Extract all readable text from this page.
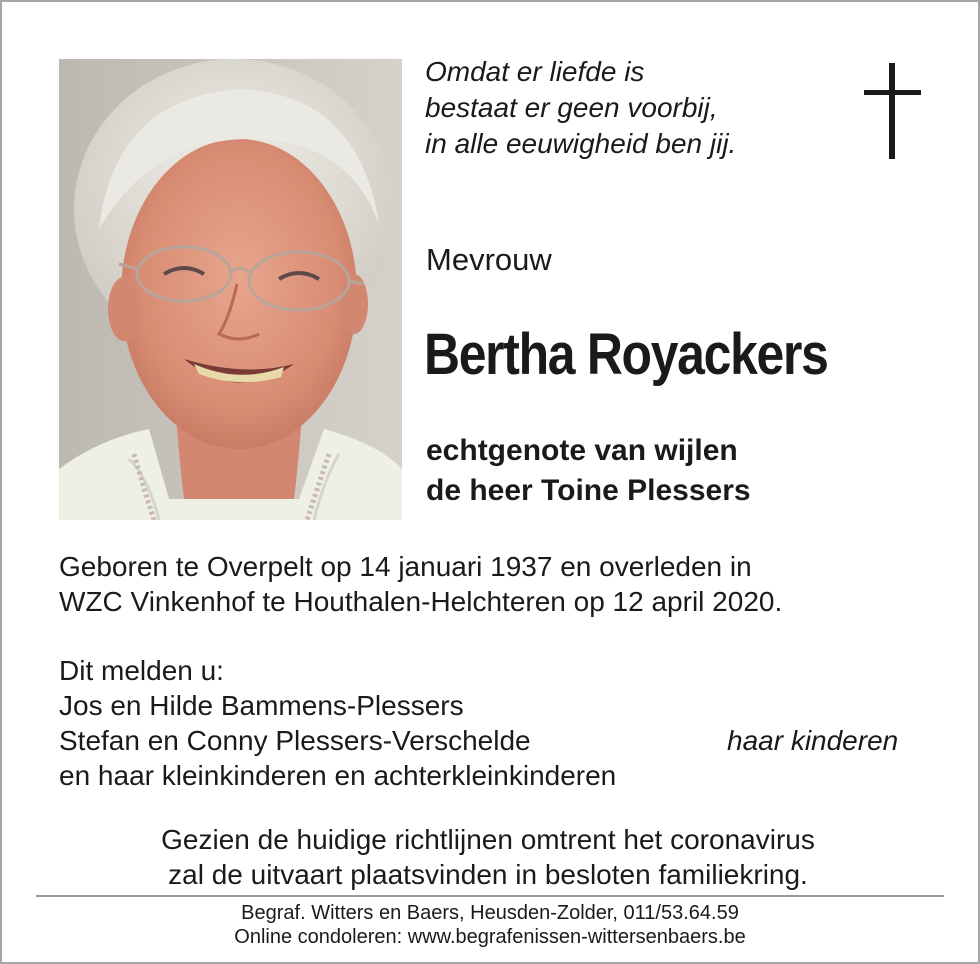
Omdat er liefde is
bestaat er geen voorbij,
in alle eeuwigheid ben jij.
Mevrouw
Bertha Royackers
echtgenote van wijlen
de heer Toine Plessers
Geboren te Overpelt op 14 januari 1937 en overleden in
WZC Vinkenhof te Houthalen-Helchteren op 12 april 2020.
Dit melden u:
Jos en Hilde Bammens-Plessers
Stefan en Conny Plessers-Verschelde	haar kinderen
en haar kleinkinderen en achterkleinkinderen
Gezien de huidige richtlijnen omtrent het coronavirus
zal de uitvaart plaatsvinden in besloten familiekring.
Begraf. Witters en Baers, Heusden-Zolder, 011/53.64.59
Online condoleren: www.begrafenissen-wittersenbaers.be
